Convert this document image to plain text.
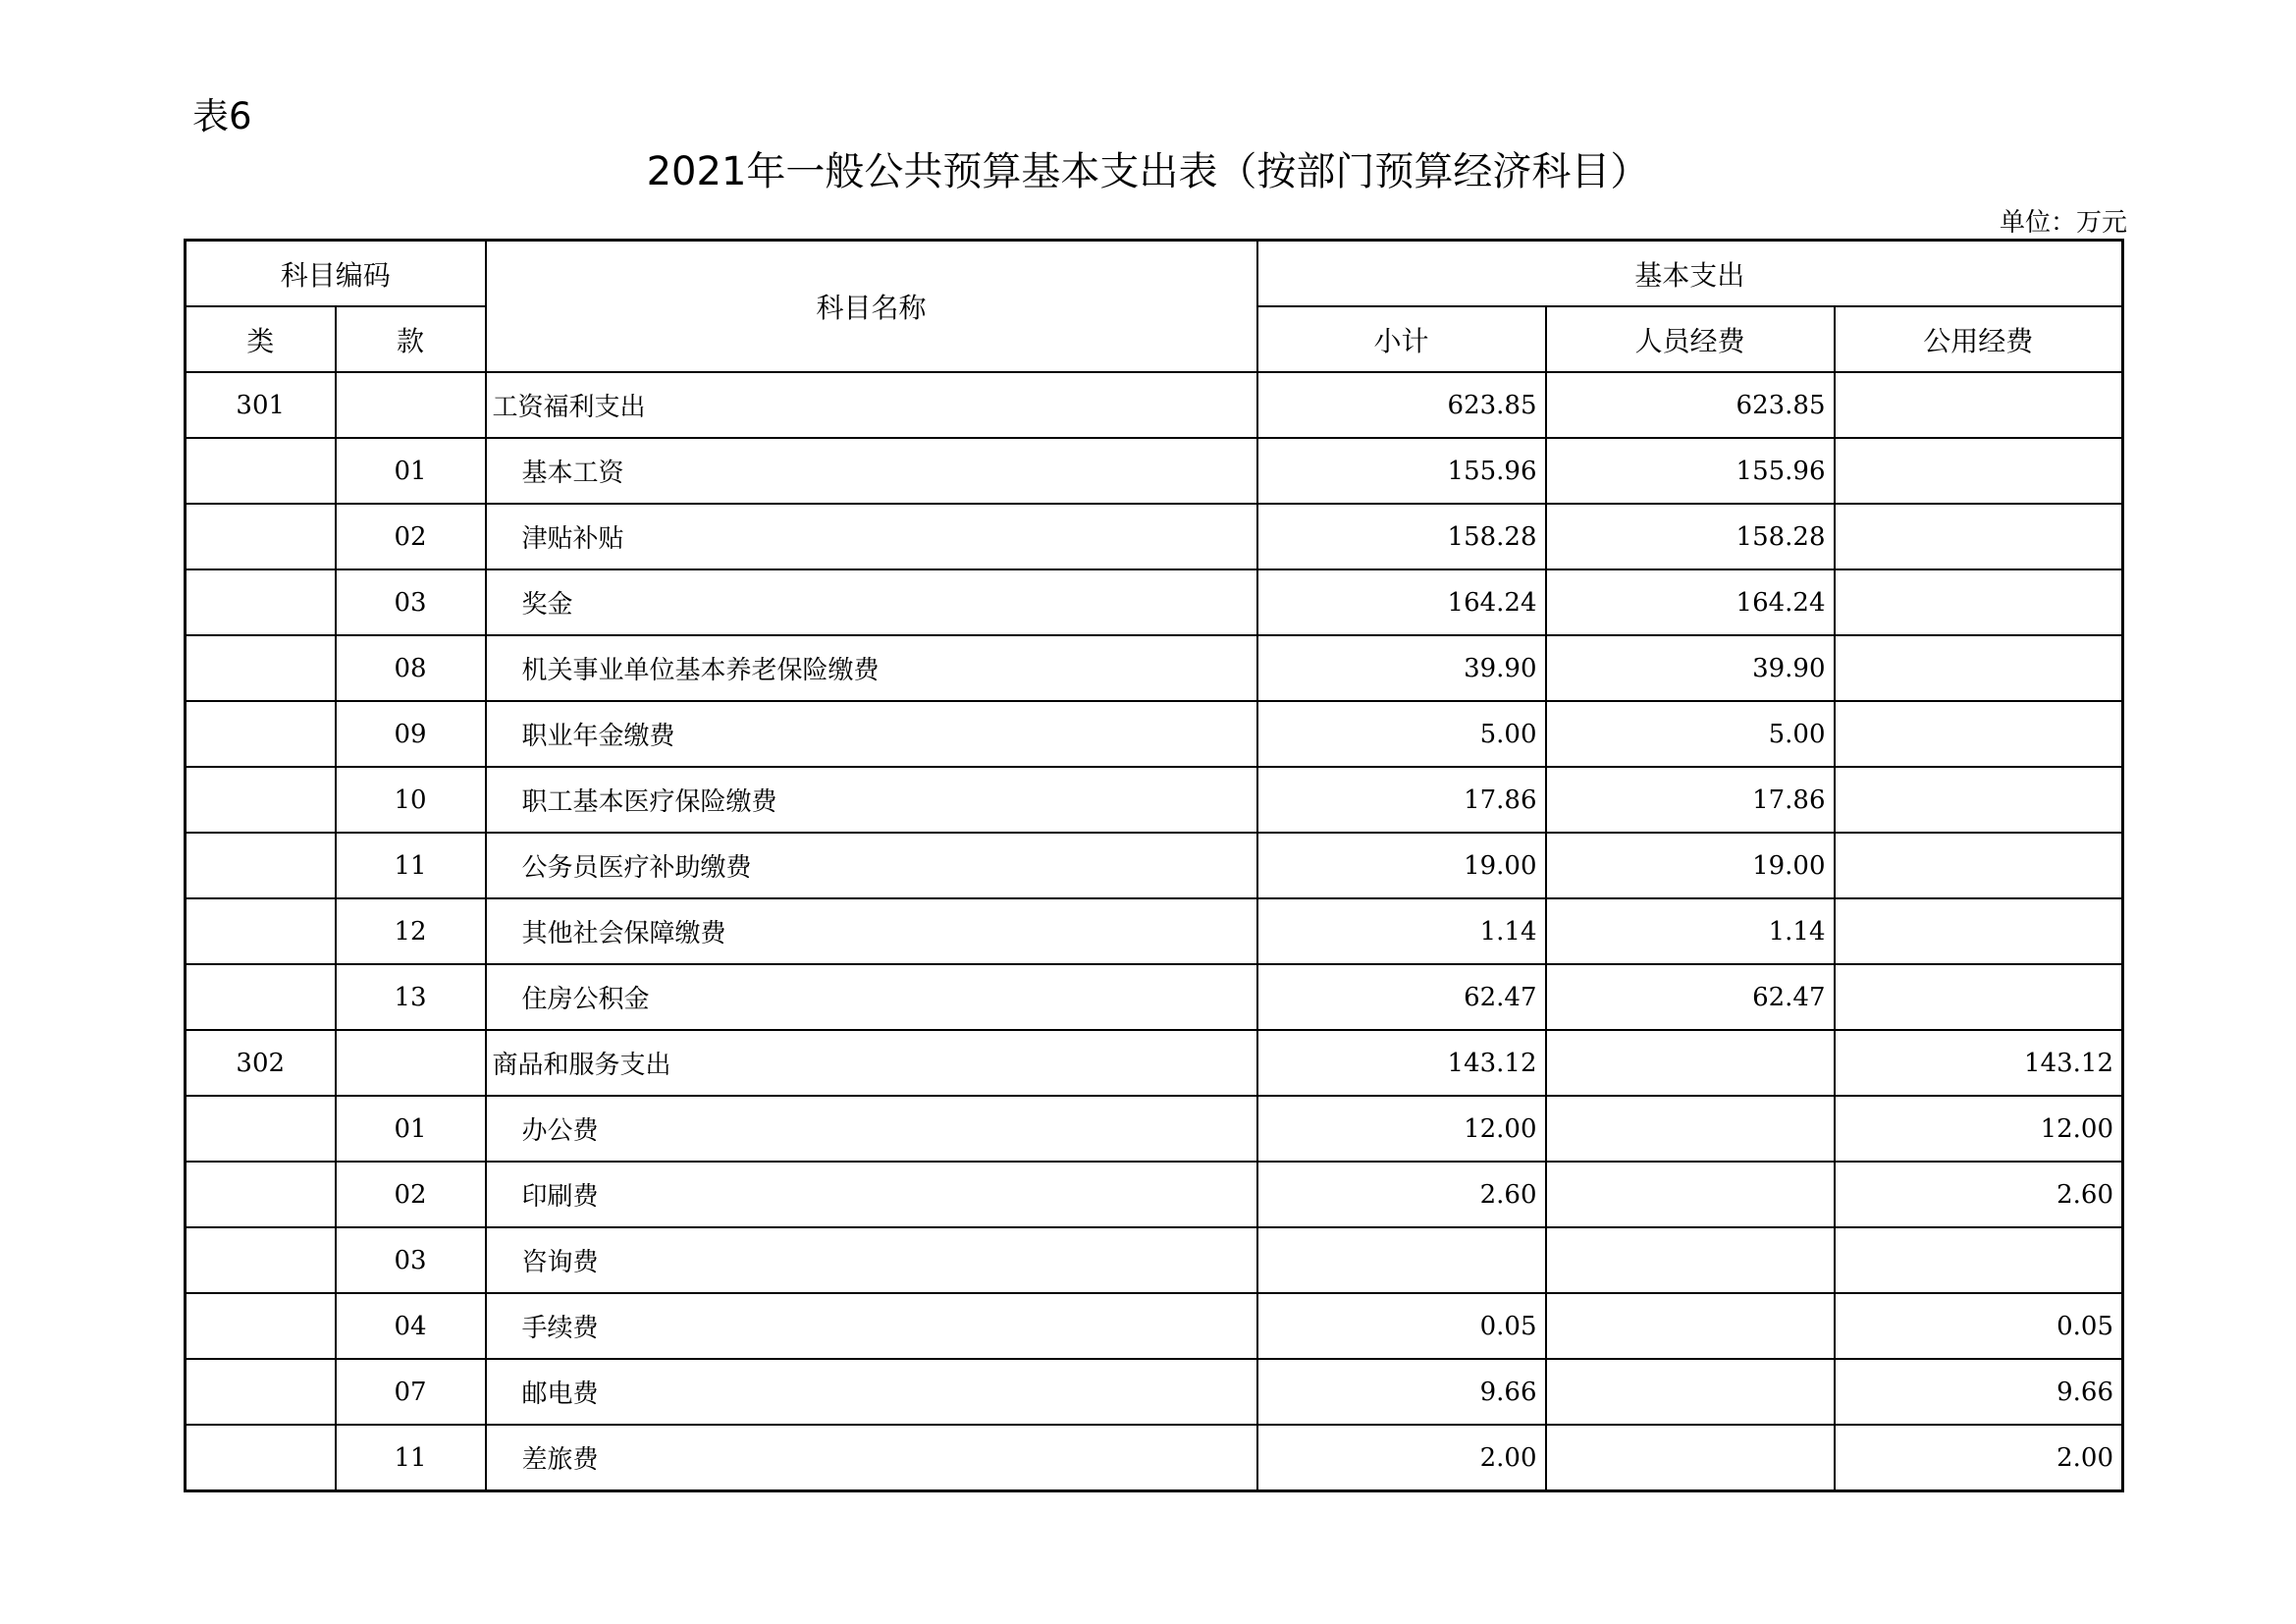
表6
2021年一般公共预算基本支出表（按部门预算经济科目）
单位：万元
科目编码		科目名称	基本支出		
类	款		小计	人员经费	公用经费
301		工资福利支出	623.85	623.85	
	01	基本工资	155.96	155.96	
	02	津贴补贴	158.28	158.28	
	03	奖金	164.24	164.24	
	08	机关事业单位基本养老保险缴费	39.90	39.90	
	09	职业年金缴费	5.00	5.00	
	10	职工基本医疗保险缴费	17.86	17.86	
	11	公务员医疗补助缴费	19.00	19.00	
	12	其他社会保障缴费	1.14	1.14	
	13	住房公积金	62.47	62.47	
302		商品和服务支出	143.12		143.12
	01	办公费	12.00		12.00
	02	印刷费	2.60		2.60
	03	咨询费			
	04	手续费	0.05		0.05
	07	邮电费	9.66		9.66
	11	差旅费	2.00		2.00
